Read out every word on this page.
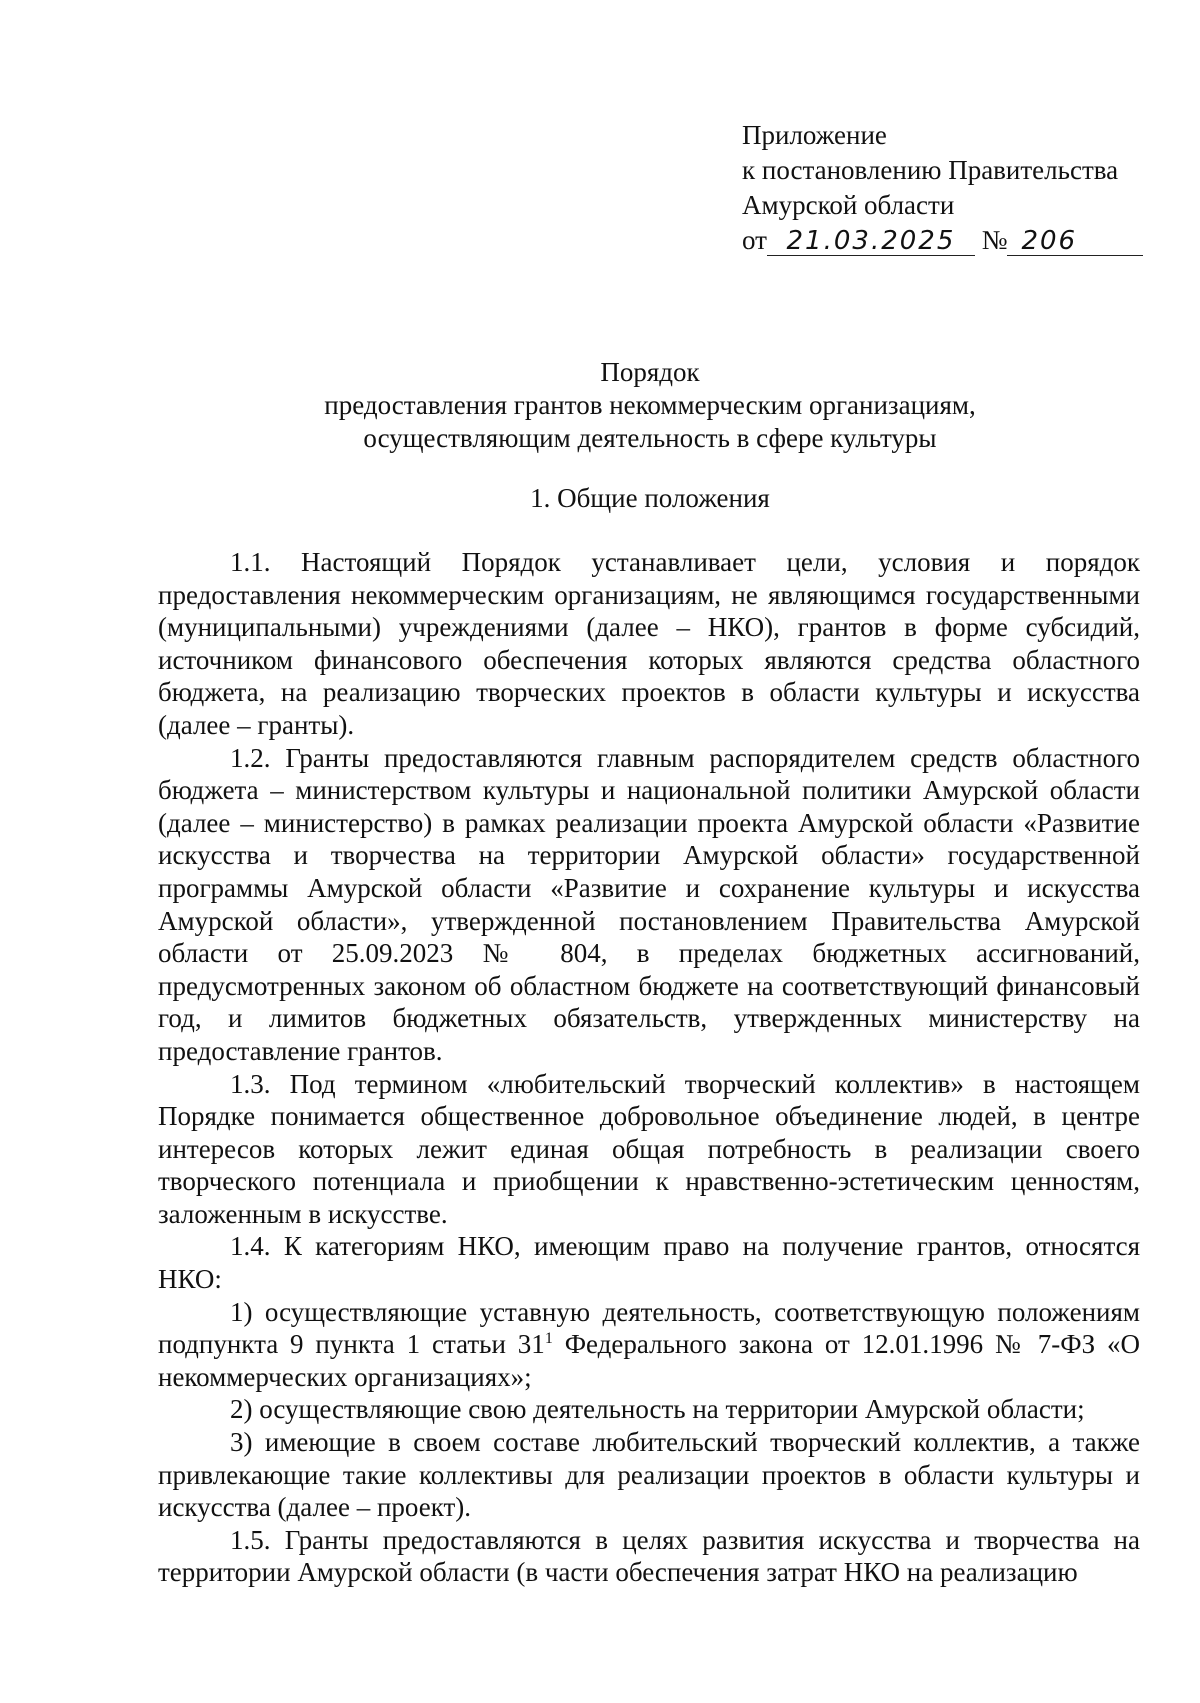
Приложение
к постановлению Правительства
Амурской области
от 21.03.2025 № 206
Порядок
предоставления грантов некоммерческим организациям,
осуществляющим деятельность в сфере культуры
1. Общие положения

1.1. Настоящий Порядок устанавливает цели, условия и порядок предоставления некоммерческим организациям, не являющимся государственными (муниципальными) учреждениями (далее – НКО), грантов в форме субсидий, источником финансового обеспечения которых являются средства областного бюджета, на реализацию творческих проектов в области культуры и искусства (далее – гранты).

1.2. Гранты предоставляются главным распорядителем средств областного бюджета – министерством культуры и национальной политики Амурской области (далее – министерство) в рамках реализации проекта Амурской области «Развитие искусства и творчества на территории Амурской области» государственной программы Амурской области «Развитие и сохранение культуры и искусства Амурской области», утвержденной постановлением Правительства Амурской области от 25.09.2023 № 804, в пределах бюджетных ассигнований, предусмотренных законом об областном бюджете на соответствующий финансовый год, и лимитов бюджетных обязательств, утвержденных министерству на предоставление грантов.

1.3. Под термином «любительский творческий коллектив» в настоящем Порядке понимается общественное добровольное объединение людей, в центре интересов которых лежит единая общая потребность в реализации своего творческого потенциала и приобщении к нравственно-эстетическим ценностям, заложенным в искусстве.

1.4. К категориям НКО, имеющим право на получение грантов, относятся НКО:

1) осуществляющие уставную деятельность, соответствующую положениям подпункта 9 пункта 1 статьи $31^1$ Федерального закона от 12.01.1996 № 7-ФЗ «О некоммерческих организациях»;

2) осуществляющие свою деятельность на территории Амурской области;

3) имеющие в своем составе любительский творческий коллектив, а также привлекающие такие коллективы для реализации проектов в области культуры и искусства (далее – проект).

1.5. Гранты предоставляются в целях развития искусства и творчества на территории Амурской области (в части обеспечения затрат НКО на реализацию
